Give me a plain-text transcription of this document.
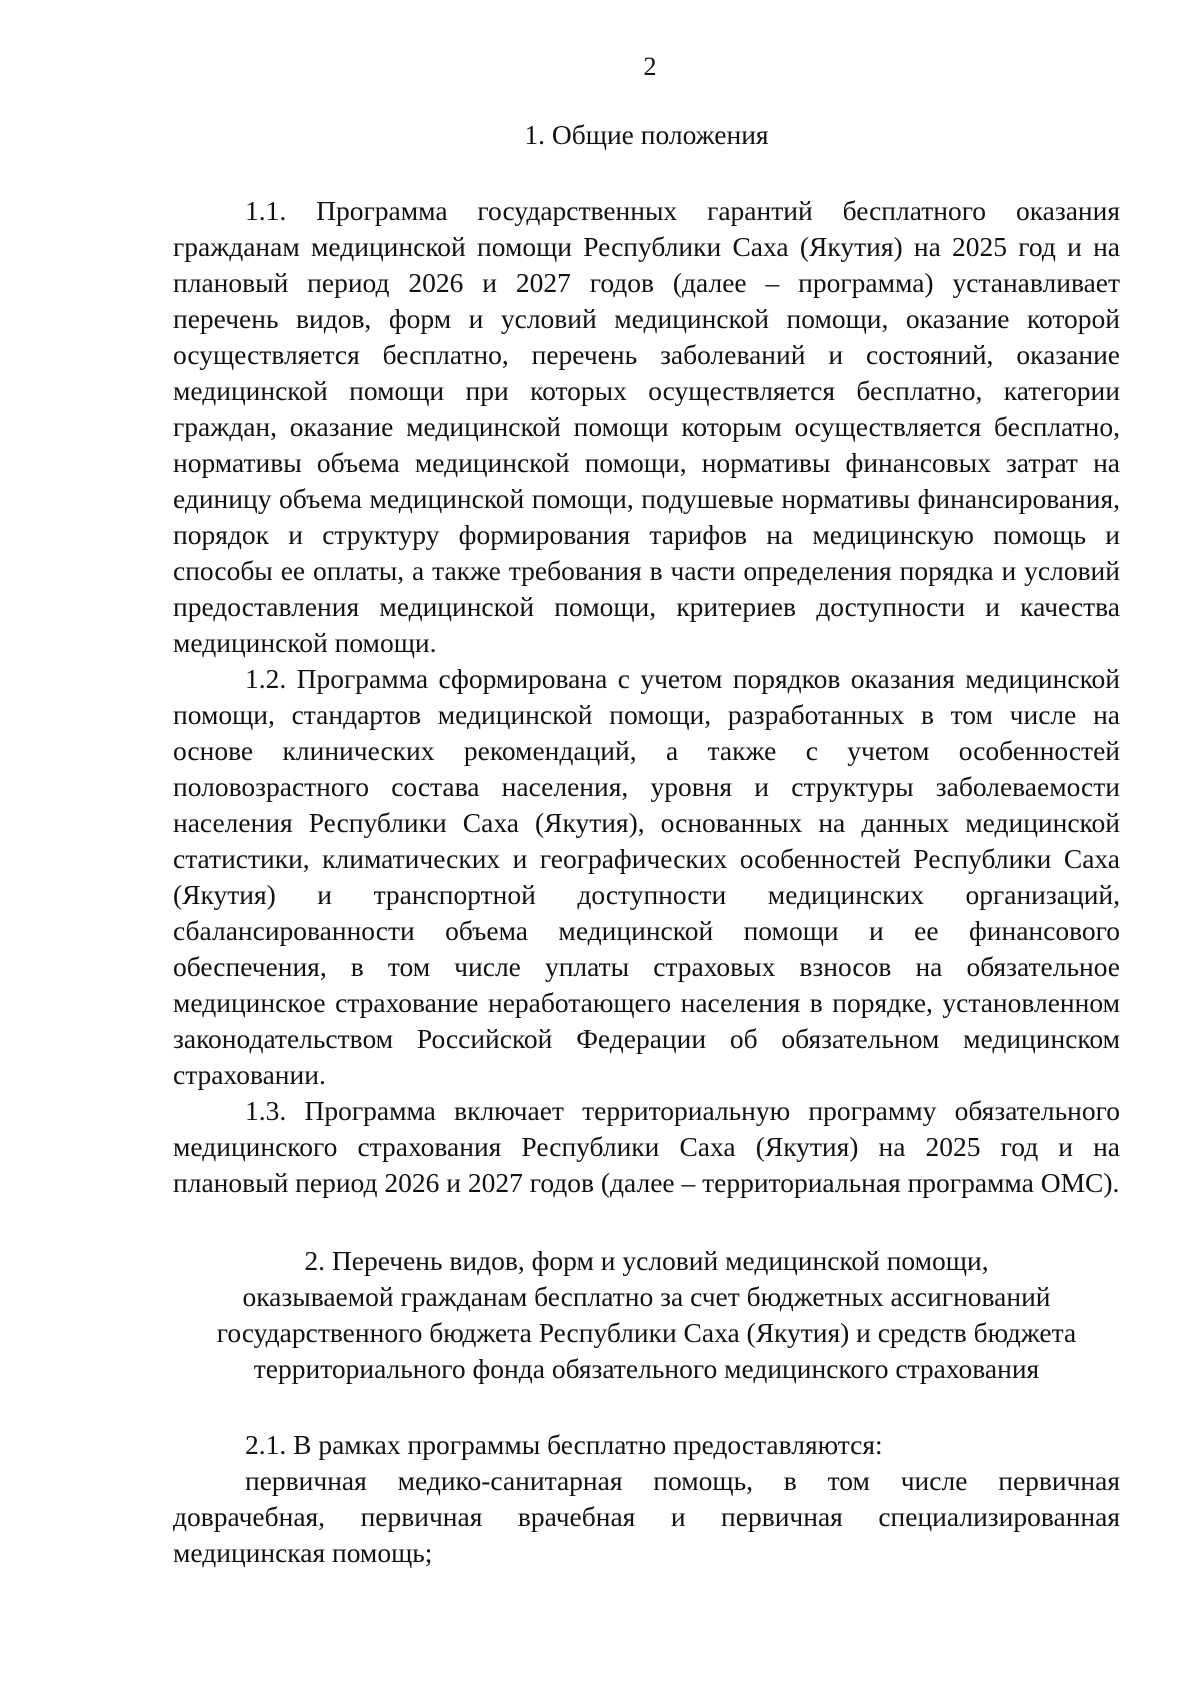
2

1. Общие положения

1.1. Программа государственных гарантий бесплатного оказания гражданам медицинской помощи Республики Саха (Якутия) на 2025 год и на плановый период 2026 и 2027 годов (далее – программа) устанавливает перечень видов, форм и условий медицинской помощи, оказание которой осуществляется бесплатно, перечень заболеваний и состояний, оказание медицинской помощи при которых осуществляется бесплатно, категории граждан, оказание медицинской помощи которым осуществляется бесплатно, нормативы объема медицинской помощи, нормативы финансовых затрат на единицу объема медицинской помощи, подушевые нормативы финансирования, порядок и структуру формирования тарифов на медицинскую помощь и способы ее оплаты, а также требования в части определения порядка и условий предоставления медицинской помощи, критериев доступности и качества медицинской помощи.

1.2. Программа сформирована с учетом порядков оказания медицинской помощи, стандартов медицинской помощи, разработанных в том числе на основе клинических рекомендаций, а также с учетом особенностей половозрастного состава населения, уровня и структуры заболеваемости населения Республики Саха (Якутия), основанных на данных медицинской статистики, климатических и географических особенностей Республики Саха (Якутия) и транспортной доступности медицинских организаций, сбалансированности объема медицинской помощи и ее финансового обеспечения, в том числе уплаты страховых взносов на обязательное медицинское страхование неработающего населения в порядке, установленном законодательством Российской Федерации об обязательном медицинском страховании.

1.3. Программа включает территориальную программу обязательного медицинского страхования Республики Саха (Якутия) на 2025 год и на плановый период 2026 и 2027 годов (далее – территориальная программа ОМС).

2. Перечень видов, форм и условий медицинской помощи,
оказываемой гражданам бесплатно за счет бюджетных ассигнований
государственного бюджета Республики Саха (Якутия) и средств бюджета
территориального фонда обязательного медицинского страхования

2.1. В рамках программы бесплатно предоставляются:

первичная медико-санитарная помощь, в том числе первичная доврачебная, первичная врачебная и первичная специализированная медицинская помощь;
